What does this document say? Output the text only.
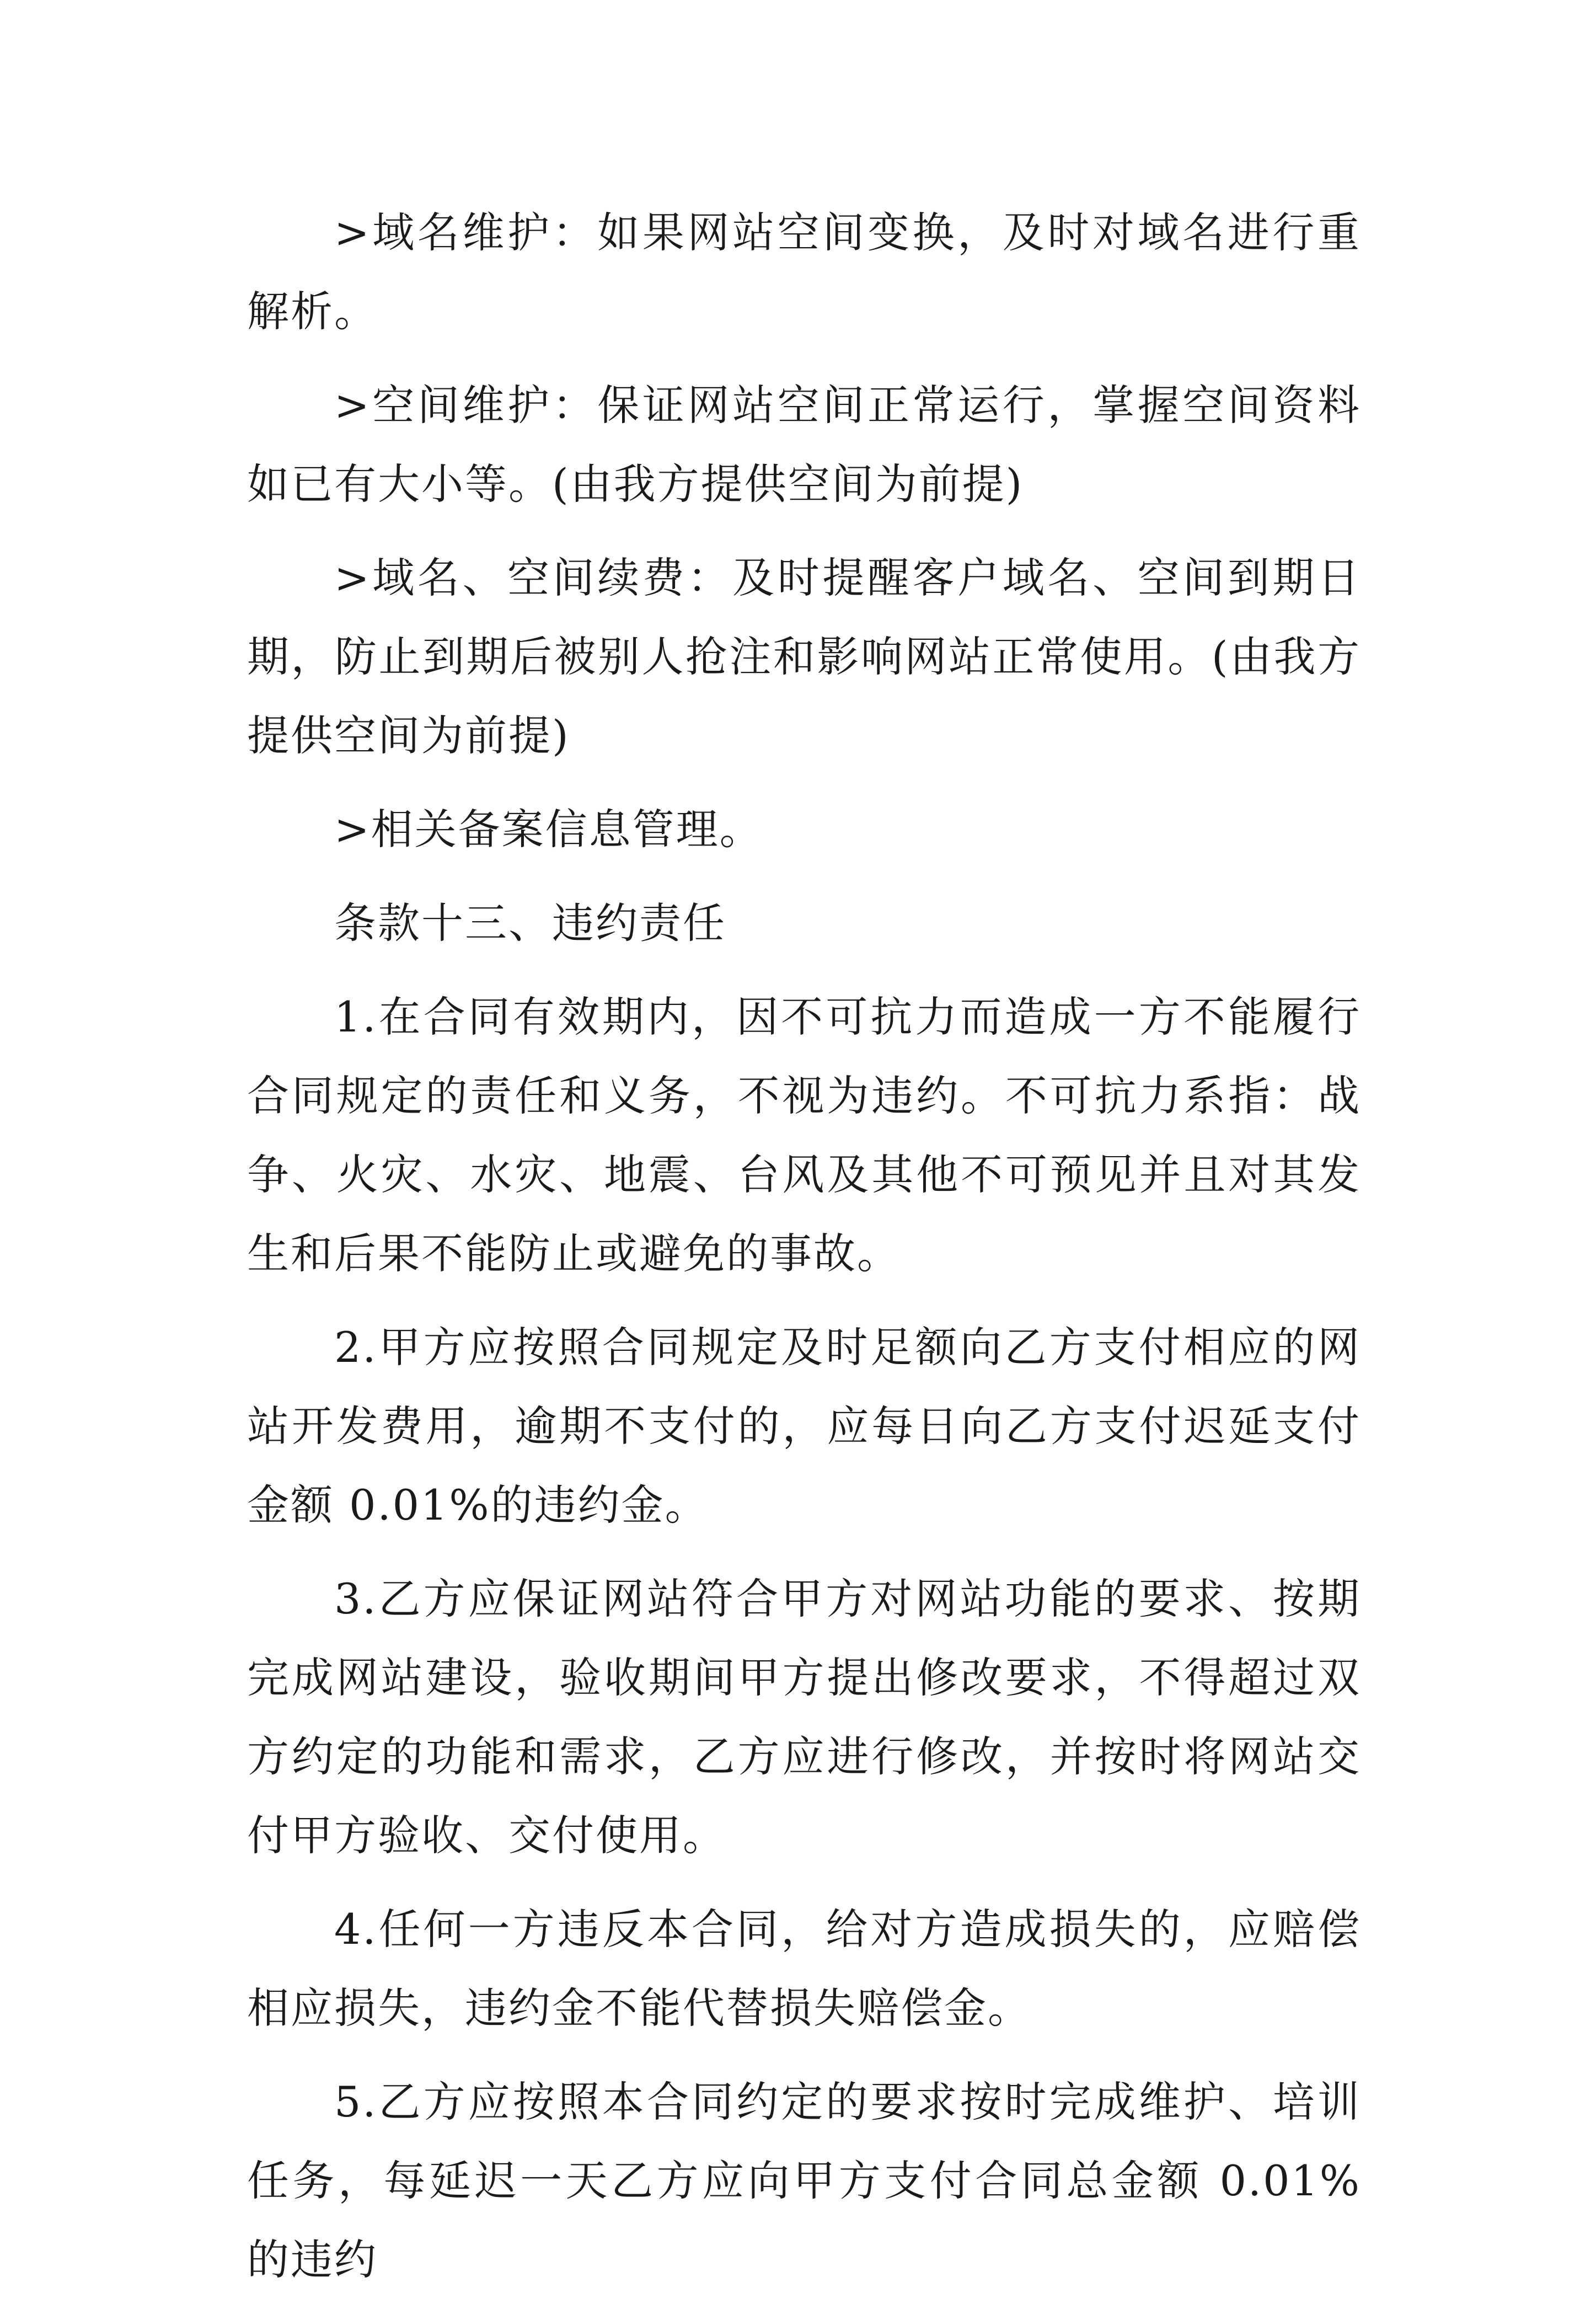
>域名维护：如果网站空间变换，及时对域名进行重解析。

>空间维护：保证网站空间正常运行，掌握空间资料如已有大小等。(由我方提供空间为前提)

>域名、空间续费：及时提醒客户域名、空间到期日期，防止到期后被别人抢注和影响网站正常使用。(由我方提供空间为前提)

>相关备案信息管理。

条款十三、违约责任

1.在合同有效期内，因不可抗力而造成一方不能履行合同规定的责任和义务，不视为违约。不可抗力系指：战争、火灾、水灾、地震、台风及其他不可预见并且对其发生和后果不能防止或避免的事故。

2.甲方应按照合同规定及时足额向乙方支付相应的网站开发费用，逾期不支付的，应每日向乙方支付迟延支付金额 0.01%的违约金。

3.乙方应保证网站符合甲方对网站功能的要求、按期完成网站建设，验收期间甲方提出修改要求，不得超过双方约定的功能和需求，乙方应进行修改，并按时将网站交付甲方验收、交付使用。

4.任何一方违反本合同，给对方造成损失的，应赔偿相应损失，违约金不能代替损失赔偿金。

5.乙方应按照本合同约定的要求按时完成维护、培训任务，每延迟一天乙方应向甲方支付合同总金额 0.01%的违约
